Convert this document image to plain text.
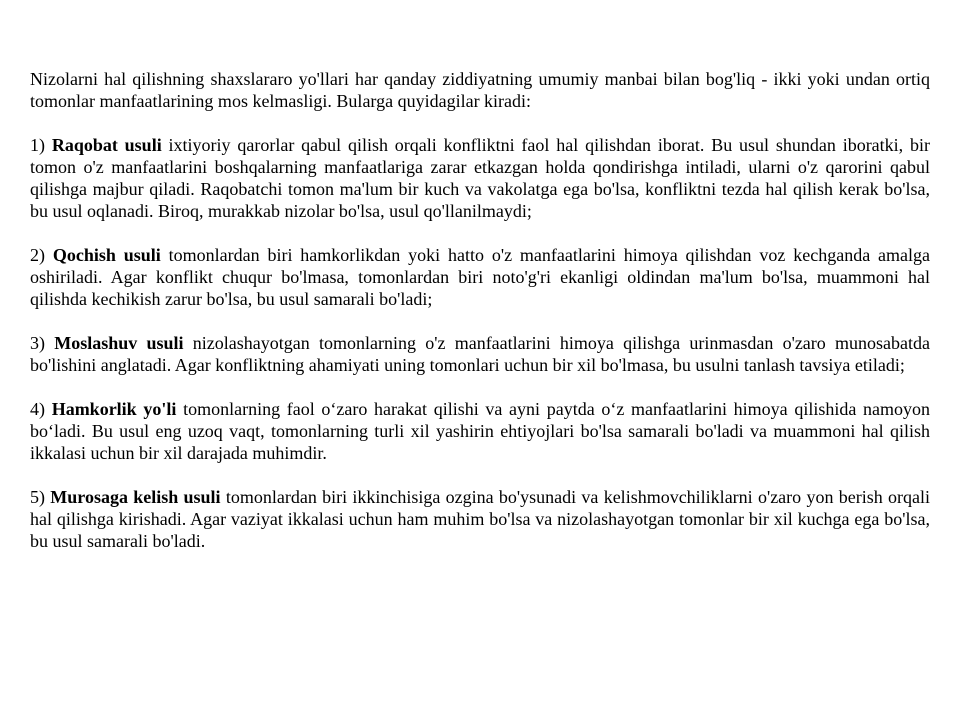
Nizolarni hal qilishning shaxslararo yo'llari har qanday ziddiyatning umumiy manbai bilan bog'liq - ikki yoki undan ortiq tomonlar manfaatlarining mos kelmasligi. Bularga quyidagilar kiradi:

1) Raqobat usuli ixtiyoriy qarorlar qabul qilish orqali konfliktni faol hal qilishdan iborat. Bu usul shundan iboratki, bir tomon o'z manfaatlarini boshqalarning manfaatlariga zarar etkazgan holda qondirishga intiladi, ularni o'z qarorini qabul qilishga majbur qiladi. Raqobatchi tomon ma'lum bir kuch va vakolatga ega bo'lsa, konfliktni tezda hal qilish kerak bo'lsa, bu usul oqlanadi. Biroq, murakkab nizolar bo'lsa, usul qo'llanilmaydi;

2) Qochish usuli tomonlardan biri hamkorlikdan yoki hatto o'z manfaatlarini himoya qilishdan voz kechganda amalga oshiriladi. Agar konflikt chuqur bo'lmasa, tomonlardan biri noto'g'ri ekanligi oldindan ma'lum bo'lsa, muammoni hal qilishda kechikish zarur bo'lsa, bu usul samarali bo'ladi;

3) Moslashuv usuli nizolashayotgan tomonlarning o'z manfaatlarini himoya qilishga urinmasdan o'zaro munosabatda bo'lishini anglatadi. Agar konfliktning ahamiyati uning tomonlari uchun bir xil bo'lmasa, bu usulni tanlash tavsiya etiladi;

4) Hamkorlik yo'li tomonlarning faol o‘zaro harakat qilishi va ayni paytda o‘z manfaatlarini himoya qilishida namoyon bo‘ladi. Bu usul eng uzoq vaqt, tomonlarning turli xil yashirin ehtiyojlari bo'lsa samarali bo'ladi va muammoni hal qilish ikkalasi uchun bir xil darajada muhimdir.

5) Murosaga kelish usuli tomonlardan biri ikkinchisiga ozgina bo'ysunadi va kelishmovchiliklarni o'zaro yon berish orqali hal qilishga kirishadi. Agar vaziyat ikkalasi uchun ham muhim bo'lsa va nizolashayotgan tomonlar bir xil kuchga ega bo'lsa, bu usul samarali bo'ladi.
